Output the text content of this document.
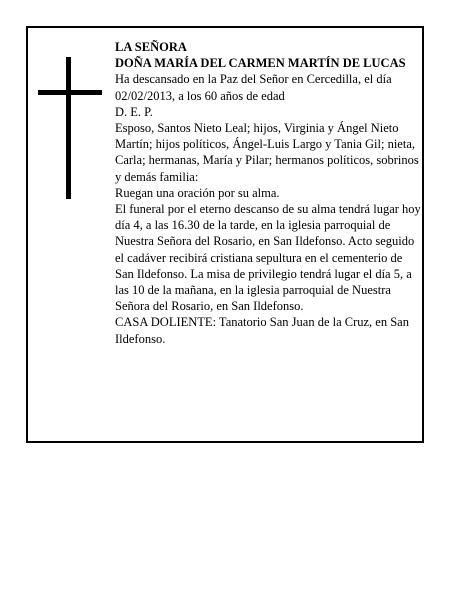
LA SEÑORA

DOÑA MARÍA DEL CARMEN MARTÍN DE LUCAS

Ha descansado en la Paz del Señor en Cercedilla, el día 02/02/2013, a los 60 años de edad

D. E. P.

Esposo, Santos Nieto Leal; hijos, Virginia y Ángel Nieto Martín; hijos políticos, Ángel-Luis Largo y Tania Gil; nieta, Carla; hermanas, María y Pilar; hermanos políticos, sobrinos y demás familia:

Ruegan una oración por su alma.

El funeral por el eterno descanso de su alma tendrá lugar hoy día 4, a las 16.30 de la tarde, en la iglesia parroquial de Nuestra Señora del Rosario, en San Ildefonso. Acto seguido el cadáver recibirá cristiana sepultura en el cementerio de San Ildefonso. La misa de privilegio tendrá lugar el día 5, a las 10 de la mañana, en la iglesia parroquial de Nuestra Señora del Rosario, en San Ildefonso.

CASA DOLIENTE: Tanatorio San Juan de la Cruz, en San Ildefonso.
